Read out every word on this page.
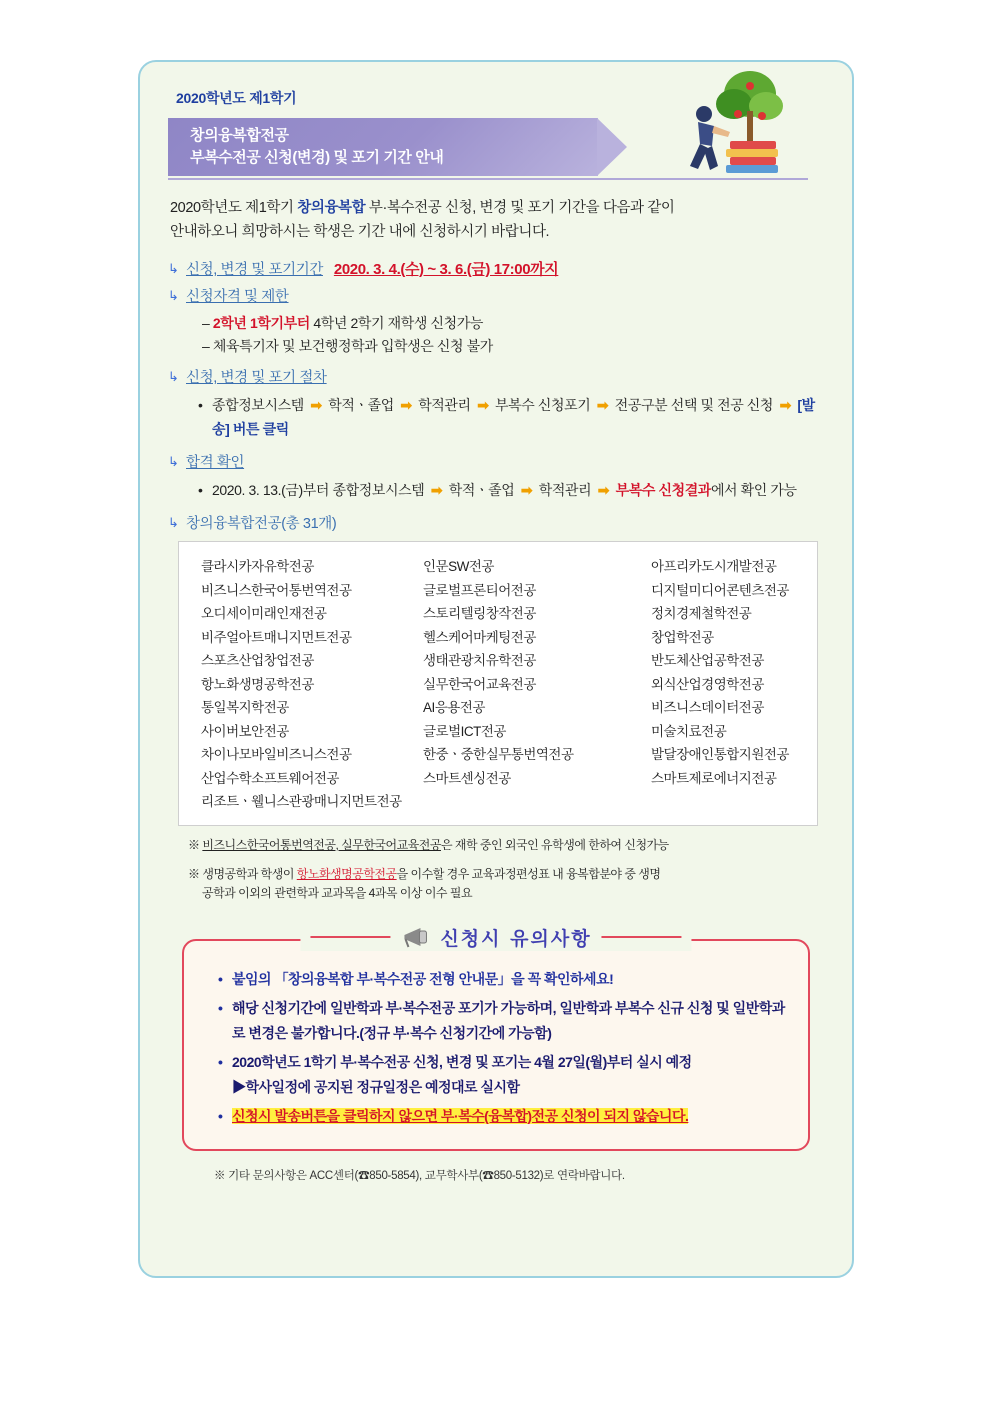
2020학년도 제1학기
창의융복합전공
부복수전공 신청(변경) 및 포기 기간 안내
2020학년도 제1학기 창의융복합 부·복수전공 신청, 변경 및 포기 기간을 다음과 같이
안내하오니 희망하시는 학생은 기간 내에 신청하시기 바랍니다.
↳ 신청, 변경 및 포기기간 2020. 3. 4.(수) ~ 3. 6.(금) 17:00까지
↳ 신청자격 및 제한
– 2학년 1학기부터 4학년 2학기 재학생 신청가능
– 체육특기자 및 보건행정학과 입학생은 신청 불가
↳ 신청, 변경 및 포기 절차
• 종합정보시스템 ➡ 학적ㆍ졸업 ➡ 학적관리 ➡ 부복수 신청포기 ➡ 전공구분 선택 및 전공 신청 ➡ [발송] 버튼 클릭
↳ 합격 확인
• 2020. 3. 13.(금)부터 종합정보시스템 ➡ 학적ㆍ졸업 ➡ 학적관리 ➡ 부복수 신청결과에서 확인 가능
↳ 창의융복합전공(총 31개)
클라시카자유학전공	인문SW전공	아프리카도시개발전공
비즈니스한국어통번역전공	글로벌프론티어전공	디지털미디어콘텐츠전공
오디세이미래인재전공	스토리텔링창작전공	정치경제철학전공
비주얼아트매니지먼트전공	헬스케어마케팅전공	창업학전공
스포츠산업창업전공	생태관광치유학전공	반도체산업공학전공
항노화생명공학전공	실무한국어교육전공	외식산업경영학전공
통일복지학전공	AI응용전공	비즈니스데이터전공
사이버보안전공	글로벌ICT전공	미술치료전공
차이나모바일비즈니스전공	한중ㆍ중한실무통번역전공	발달장애인통합지원전공
산업수학소프트웨어전공	스마트센싱전공	스마트제로에너지전공
리조트ㆍ웰니스관광매니지먼트전공
※ 비즈니스한국어통번역전공, 실무한국어교육전공은 재학 중인 외국인 유학생에 한하여 신청가능
※ 생명공학과 학생이 항노화생명공학전공을 이수할 경우 교육과정편성표 내 융복합분야 중 생명
공학과 이외의 관련학과 교과목을 4과목 이상 이수 필요
신청시 유의사항
• 붙임의 「창의융복합 부·복수전공 전형 안내문」을 꼭 확인하세요!
• 해당 신청기간에 일반학과 부·복수전공 포기가 가능하며, 일반학과 부복수 신규 신청 및 일반학과로 변경은 불가합니다.(정규 부·복수 신청기간에 가능함)
• 2020학년도 1학기 부·복수전공 신청, 변경 및 포기는 4월 27일(월)부터 실시 예정
▶학사일정에 공지된 정규일정은 예정대로 실시함
• 신청시 발송버튼을 클릭하지 않으면 부·복수(융복합)전공 신청이 되지 않습니다.
※ 기타 문의사항은 ACC센터(☎850-5854), 교무학사부(☎850-5132)로 연락바랍니다.
